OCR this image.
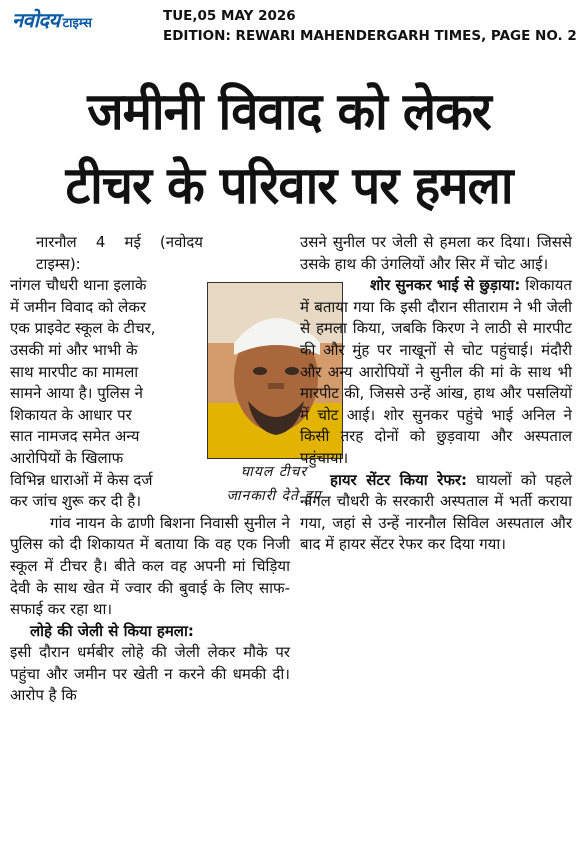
नवोदय टाइम्स	TUE,05 MAY 2026
EDITION: REWARI MAHENDERGARH TIMES, PAGE NO. 2
जमीनी विवाद को लेकर
टीचर के परिवार पर हमला
नारनौल 4 मई (नवोदय टाइम्स):
नांगल चौधरी थाना इलाके
में जमीन विवाद को लेकर
एक प्राइवेट स्कूल के टीचर,
उसकी मां और भाभी के
साथ मारपीट का मामला
सामने आया है। पुलिस ने
शिकायत के आधार पर
सात नामजद समेत अन्य
आरोपियों के खिलाफ
विभिन्न धाराओं में केस दर्ज
कर जांच शुरू कर दी है।

गांव नायन के ढाणी बिशना निवासी सुनील ने पुलिस को दी शिकायत में बताया कि वह एक निजी स्कूल में टीचर है। बीते कल वह अपनी मां चिड़िया देवी के साथ खेत में ज्वार की बुवाई के लिए साफ-सफाई कर रहा था।

लोहे की जेली से किया हमला:

इसी दौरान धर्मबीर लोहे की जेली लेकर मौके पर पहुंचा और जमीन पर खेती न करने की धमकी दी। आरोप है कि

घायल टीचर
जानकारी देते हुए

उसने सुनील पर जेली से हमला कर दिया। जिससे उसके हाथ की उंगलियों और सिर में चोट आई।

शोर सुनकर भाई से छुड़ाया: शिकायत में बताया गया कि इसी दौरान सीताराम ने भी जेली से हमला किया, जबकि किरण ने लाठी से मारपीट की और मुंह पर नाखूनों से चोट पहुंचाई। मंदौरी और अन्य आरोपियों ने सुनील की मां के साथ भी मारपीट की, जिससे उन्हें आंख, हाथ और पसलियों में चोट आई। शोर सुनकर पहुंचे भाई अनिल ने किसी तरह दोनों को छुड़वाया और अस्पताल पहुंचाया।

हायर सेंटर किया रेफर: घायलों को पहले नांगल चौधरी के सरकारी अस्पताल में भर्ती कराया गया, जहां से उन्हें नारनौल सिविल अस्पताल और बाद में हायर सेंटर रेफर कर दिया गया।
